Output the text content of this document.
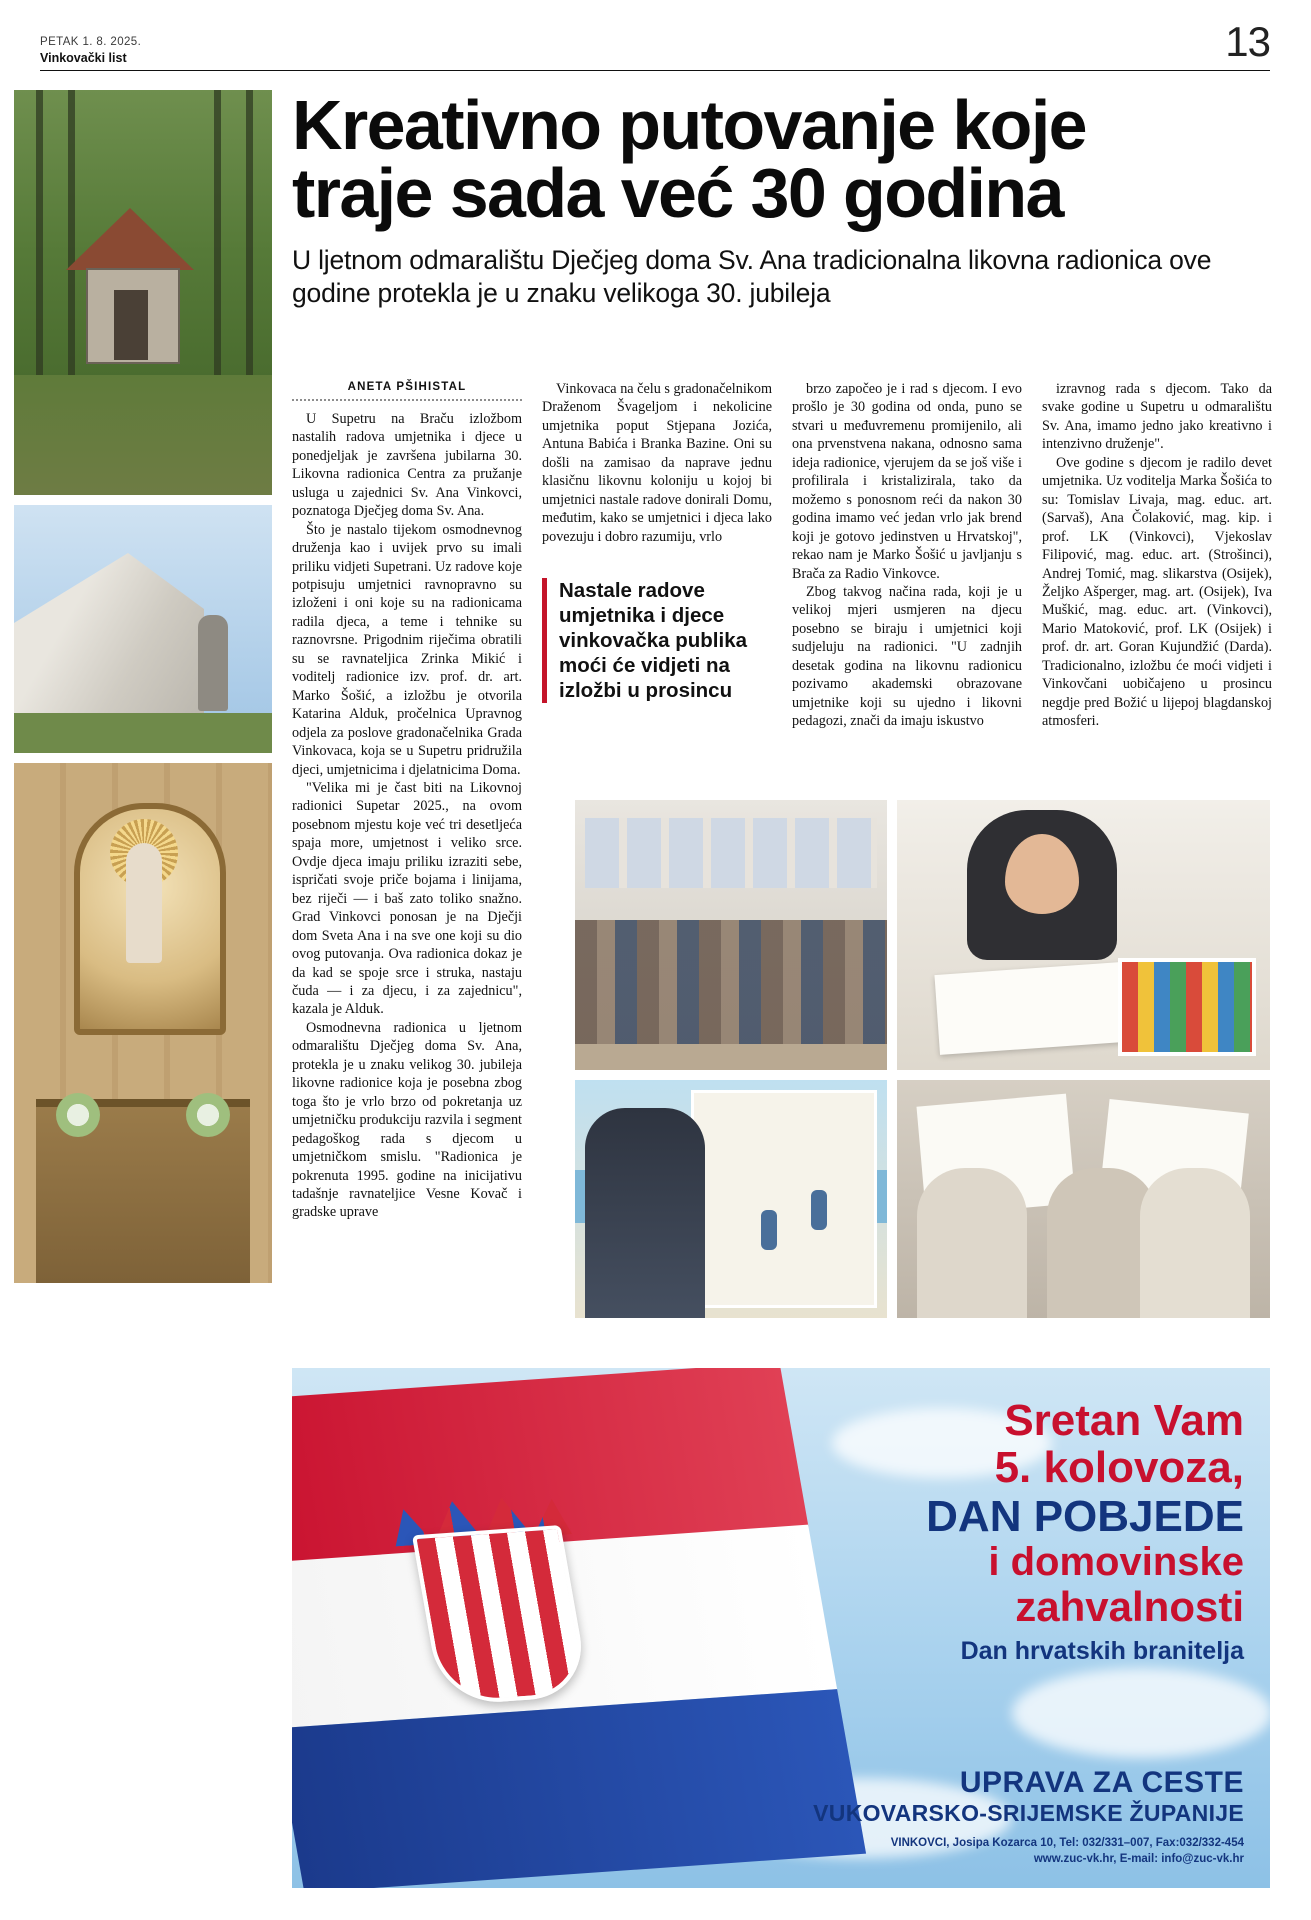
PETAK 1. 8. 2025.
Vinkovački list	13
Kreativno putovanje koje
traje sada već 30 godina

U ljetnom odmaralištu Dječjeg doma Sv. Ana tradicionalna likovna radionica ove godine protekla je u znaku velikoga 30. jubileja

ANETA PŠIHISTAL

U Supetru na Braču izložbom nastalih radova umjetnika i djece u ponedjeljak je završena jubilarna 30. Likovna radionica Centra za pružanje usluga u zajednici Sv. Ana Vinkovci, poznatoga Dječjeg doma Sv. Ana.

Što je nastalo tijekom osmodnevnog druženja kao i uvijek prvo su imali priliku vidjeti Supetrani. Uz radove koje potpisuju umjetnici ravnopravno su izloženi i oni koje su na radionicama radila djeca, a teme i tehnike su raznovrsne. Prigodnim riječima obratili su se ravnateljica Zrinka Mikić i voditelj radionice izv. prof. dr. art. Marko Šošić, a izložbu je otvorila Katarina Alduk, pročelnica Upravnog odjela za poslove gradonačelnika Grada Vinkovaca, koja se u Supetru pridružila djeci, umjetnicima i djelatnicima Doma.

"Velika mi je čast biti na Likovnoj radionici Supetar 2025., na ovom posebnom mjestu koje već tri desetljeća spaja more, umjetnost i veliko srce. Ovdje djeca imaju priliku izraziti sebe, ispričati svoje priče bojama i linijama, bez riječi — i baš zato toliko snažno. Grad Vinkovci ponosan je na Dječji dom Sveta Ana i na sve one koji su dio ovog putovanja. Ova radionica dokaz je da kad se spoje srce i struka, nastaju čuda — i za djecu, i za zajednicu", kazala je Alduk.

Osmodnevna radionica u ljetnom odmaralištu Dječjeg doma Sv. Ana, protekla je u znaku velikog 30. jubileja likovne radionice koja je posebna zbog toga što je vrlo brzo od pokretanja uz umjetničku produkciju razvila i segment pedagoškog rada s djecom u umjetničkom smislu. "Radionica je pokrenuta 1995. godine na inicijativu tadašnje ravnateljice Vesne Kovač i gradske uprave

Vinkovaca na čelu s gradonačelnikom Draženom Švageljom i nekolicine umjetnika poput Stjepana Jozića, Antuna Babića i Branka Bazine. Oni su došli na zamisao da naprave jednu klasičnu likovnu koloniju u kojoj bi umjetnici nastale radove donirali Domu, međutim, kako se umjetnici i djeca lako povezuju i dobro razumiju, vrlo

Nastale radove umjetnika i djece vinkovačka publika moći će vidjeti na izložbi u prosincu

brzo započeo je i rad s djecom. I evo prošlo je 30 godina od onda, puno se stvari u međuvremenu promijenilo, ali ona prvenstvena nakana, odnosno sama ideja radionice, vjerujem da se još više i profilirala i kristalizirala, tako da možemo s ponosnom reći da nakon 30 godina imamo već jedan vrlo jak brend koji je gotovo jedinstven u Hrvatskoj", rekao nam je Marko Šošić u javljanju s Brača za Radio Vinkovce.

Zbog takvog načina rada, koji je u velikoj mjeri usmjeren na djecu posebno se biraju i umjetnici koji sudjeluju na radionici. "U zadnjih desetak godina na likovnu radionicu pozivamo akademski obrazovane umjetnike koji su ujedno i likovni pedagozi, znači da imaju iskustvo

izravnog rada s djecom. Tako da svake godine u Supetru u odmaralištu Sv. Ana, imamo jedno jako kreativno i intenzivno druženje".

Ove godine s djecom je radilo devet umjetnika. Uz voditelja Marka Šošića to su: Tomislav Livaja, mag. educ. art. (Sarvaš), Ana Čolaković, mag. kip. i prof. LK (Vinkovci), Vjekoslav Filipović, mag. educ. art. (Strošinci), Andrej Tomić, mag. slikarstva (Osijek), Željko Ašperger, mag. art. (Osijek), Iva Muškić, mag. educ. art. (Vinkovci), Mario Matoković, prof. LK (Osijek) i prof. dr. art. Goran Kujundžić (Darda). Tradicionalno, izložbu će moći vidjeti i Vinkovčani uobičajeno u prosincu negdje pred Božić u lijepoj blagdanskoj atmosferi.

Sretan Vam
5. kolovoza,
DAN POBJEDE
i domovinske
zahvalnosti
Dan hrvatskih branitelja
UPRAVA ZA CESTE
VUKOVARSKO-SRIJEMSKE ŽUPANIJE
VINKOVCI, Josipa Kozarca 10, Tel: 032/331–007, Fax:032/332-454
www.zuc-vk.hr, E-mail: info@zuc-vk.hr
